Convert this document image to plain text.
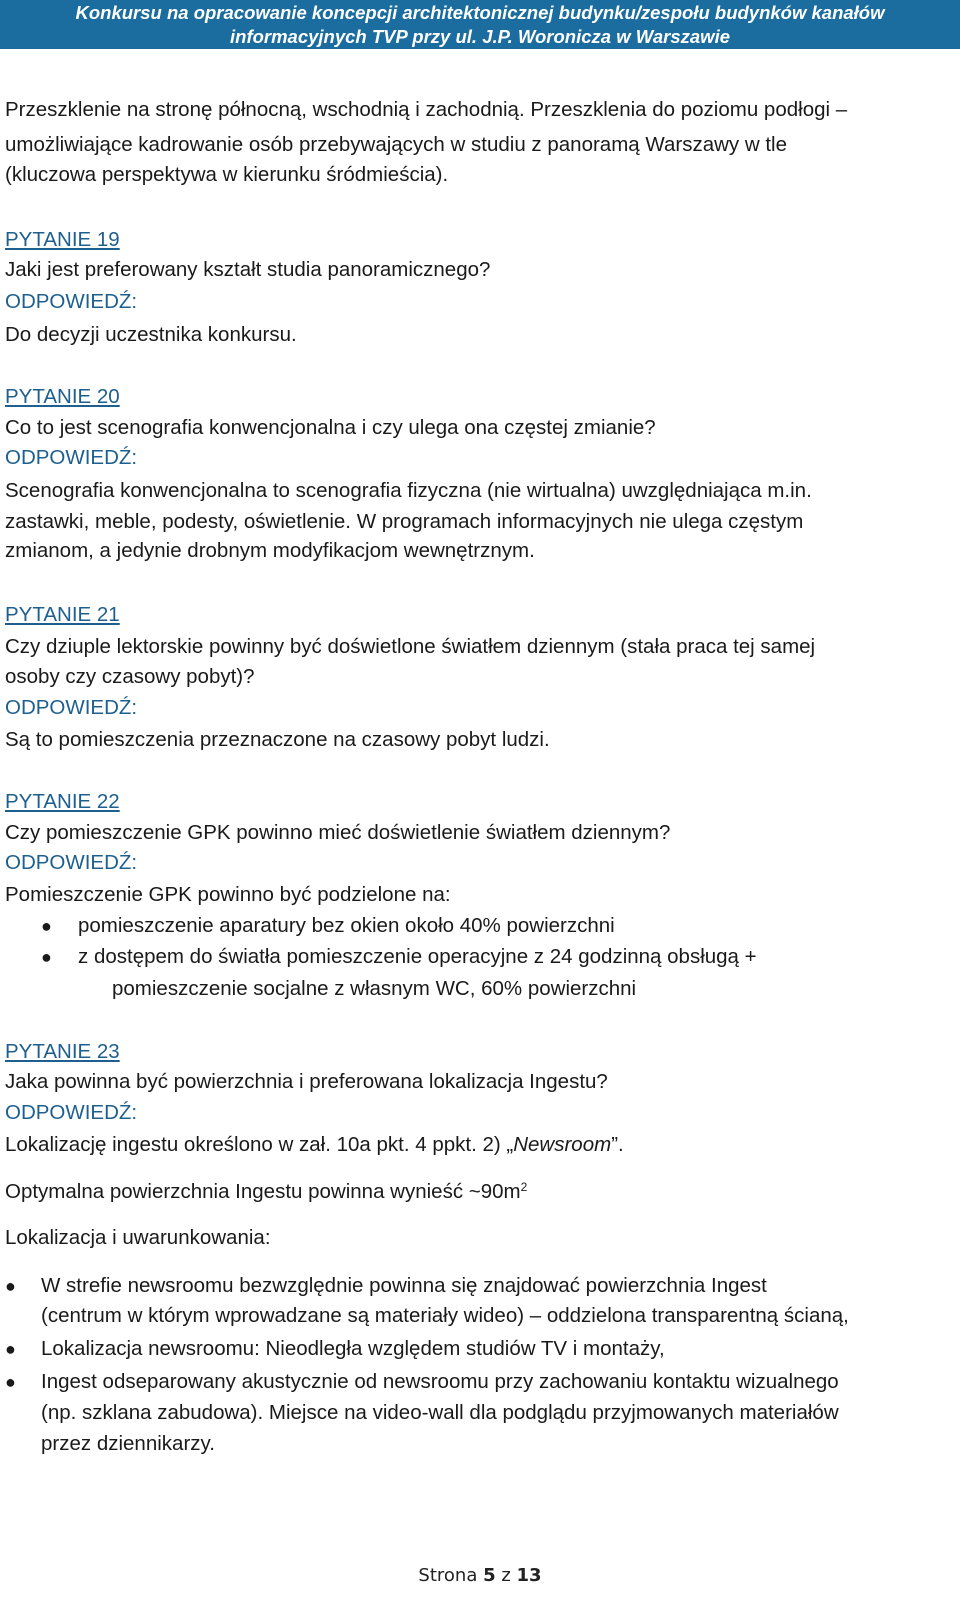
Konkursu na opracowanie koncepcji architektonicznej budynku/zespołu budynków kanałów
informacyjnych TVP przy ul. J.P. Woronicza w Warszawie
Przeszklenie na stronę północną, wschodnią i zachodnią. Przeszklenia do poziomu podłogi –
umożliwiające kadrowanie osób przebywających w studiu z panoramą Warszawy w tle
(kluczowa perspektywa w kierunku śródmieścia).
PYTANIE 19
Jaki jest preferowany kształt studia panoramicznego?
ODPOWIEDŹ:
Do decyzji uczestnika konkursu.
PYTANIE 20
Co to jest scenografia konwencjonalna i czy ulega ona częstej zmianie?
ODPOWIEDŹ:
Scenografia konwencjonalna to scenografia fizyczna (nie wirtualna) uwzględniająca m.in.
zastawki, meble, podesty, oświetlenie. W programach informacyjnych nie ulega częstym
zmianom, a jedynie drobnym modyfikacjom wewnętrznym.
PYTANIE 21
Czy dziuple lektorskie powinny być doświetlone światłem dziennym (stała praca tej samej
osoby czy czasowy pobyt)?
ODPOWIEDŹ:
Są to pomieszczenia przeznaczone na czasowy pobyt ludzi.
PYTANIE 22
Czy pomieszczenie GPK powinno mieć doświetlenie światłem dziennym?
ODPOWIEDŹ:
Pomieszczenie GPK powinno być podzielone na:
● pomieszczenie aparatury bez okien około 40% powierzchni
● z dostępem do światła pomieszczenie operacyjne z 24 godzinną obsługą +
pomieszczenie socjalne z własnym WC, 60% powierzchni
PYTANIE 23
Jaka powinna być powierzchnia i preferowana lokalizacja Ingestu?
ODPOWIEDŹ:
Lokalizację ingestu określono w zał. 10a pkt. 4 ppkt. 2) „Newsroom”.
Optymalna powierzchnia Ingestu powinna wynieść $\sim 90m^2$
Lokalizacja i uwarunkowania:
● W strefie newsroomu bezwzględnie powinna się znajdować powierzchnia Ingest
(centrum w którym wprowadzane są materiały wideo) – oddzielona transparentną ścianą,
● Lokalizacja newsroomu: Nieodległa względem studiów TV i montaży,
● Ingest odseparowany akustycznie od newsroomu przy zachowaniu kontaktu wizualnego
(np. szklana zabudowa). Miejsce na video-wall dla podglądu przyjmowanych materiałów
przez dziennikarzy.
Strona 5 z 13
